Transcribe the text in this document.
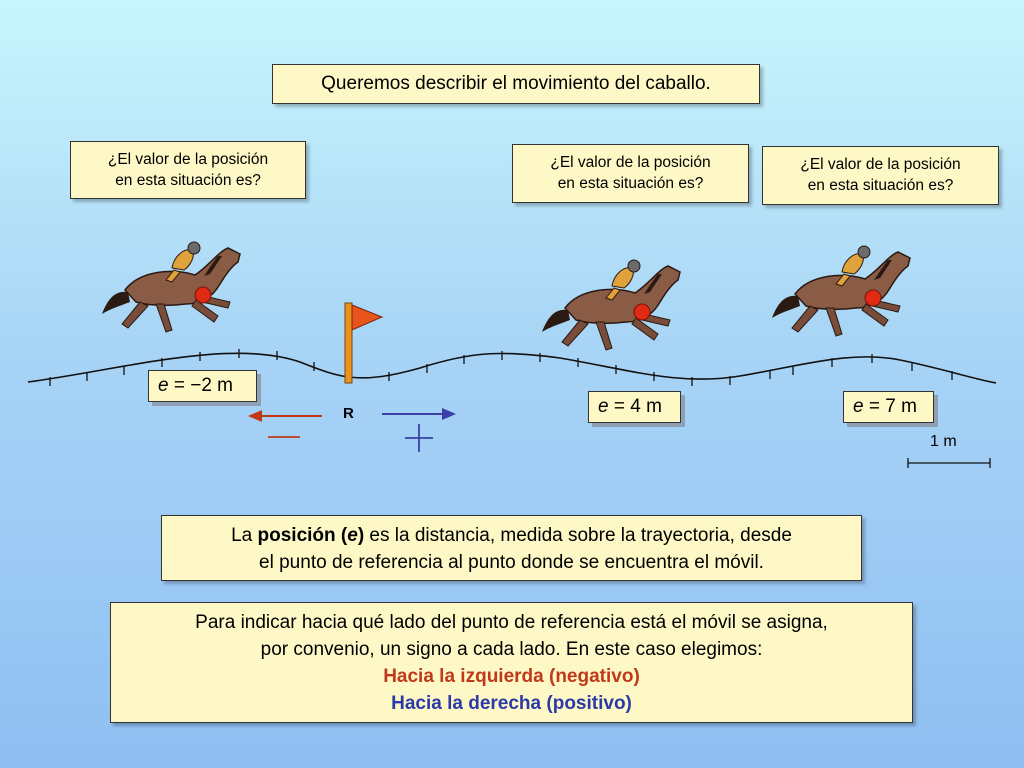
Queremos describir el movimiento del caballo.
¿El valor de la posición
en esta situación es?
¿El valor de la posición
en esta situación es?
¿El valor de la posición
en esta situación es?
e = −2 m
e = 4 m	e = 7 m
R
1 m
La posición (e) es la distancia, medida sobre la trayectoria, desde
el punto de referencia al punto donde se encuentra el móvil.
Para indicar hacia qué lado del punto de referencia está el móvil se asigna,
por convenio, un signo a cada lado. En este caso elegimos:
Hacia la izquierda (negativo)
Hacia la derecha (positivo)
